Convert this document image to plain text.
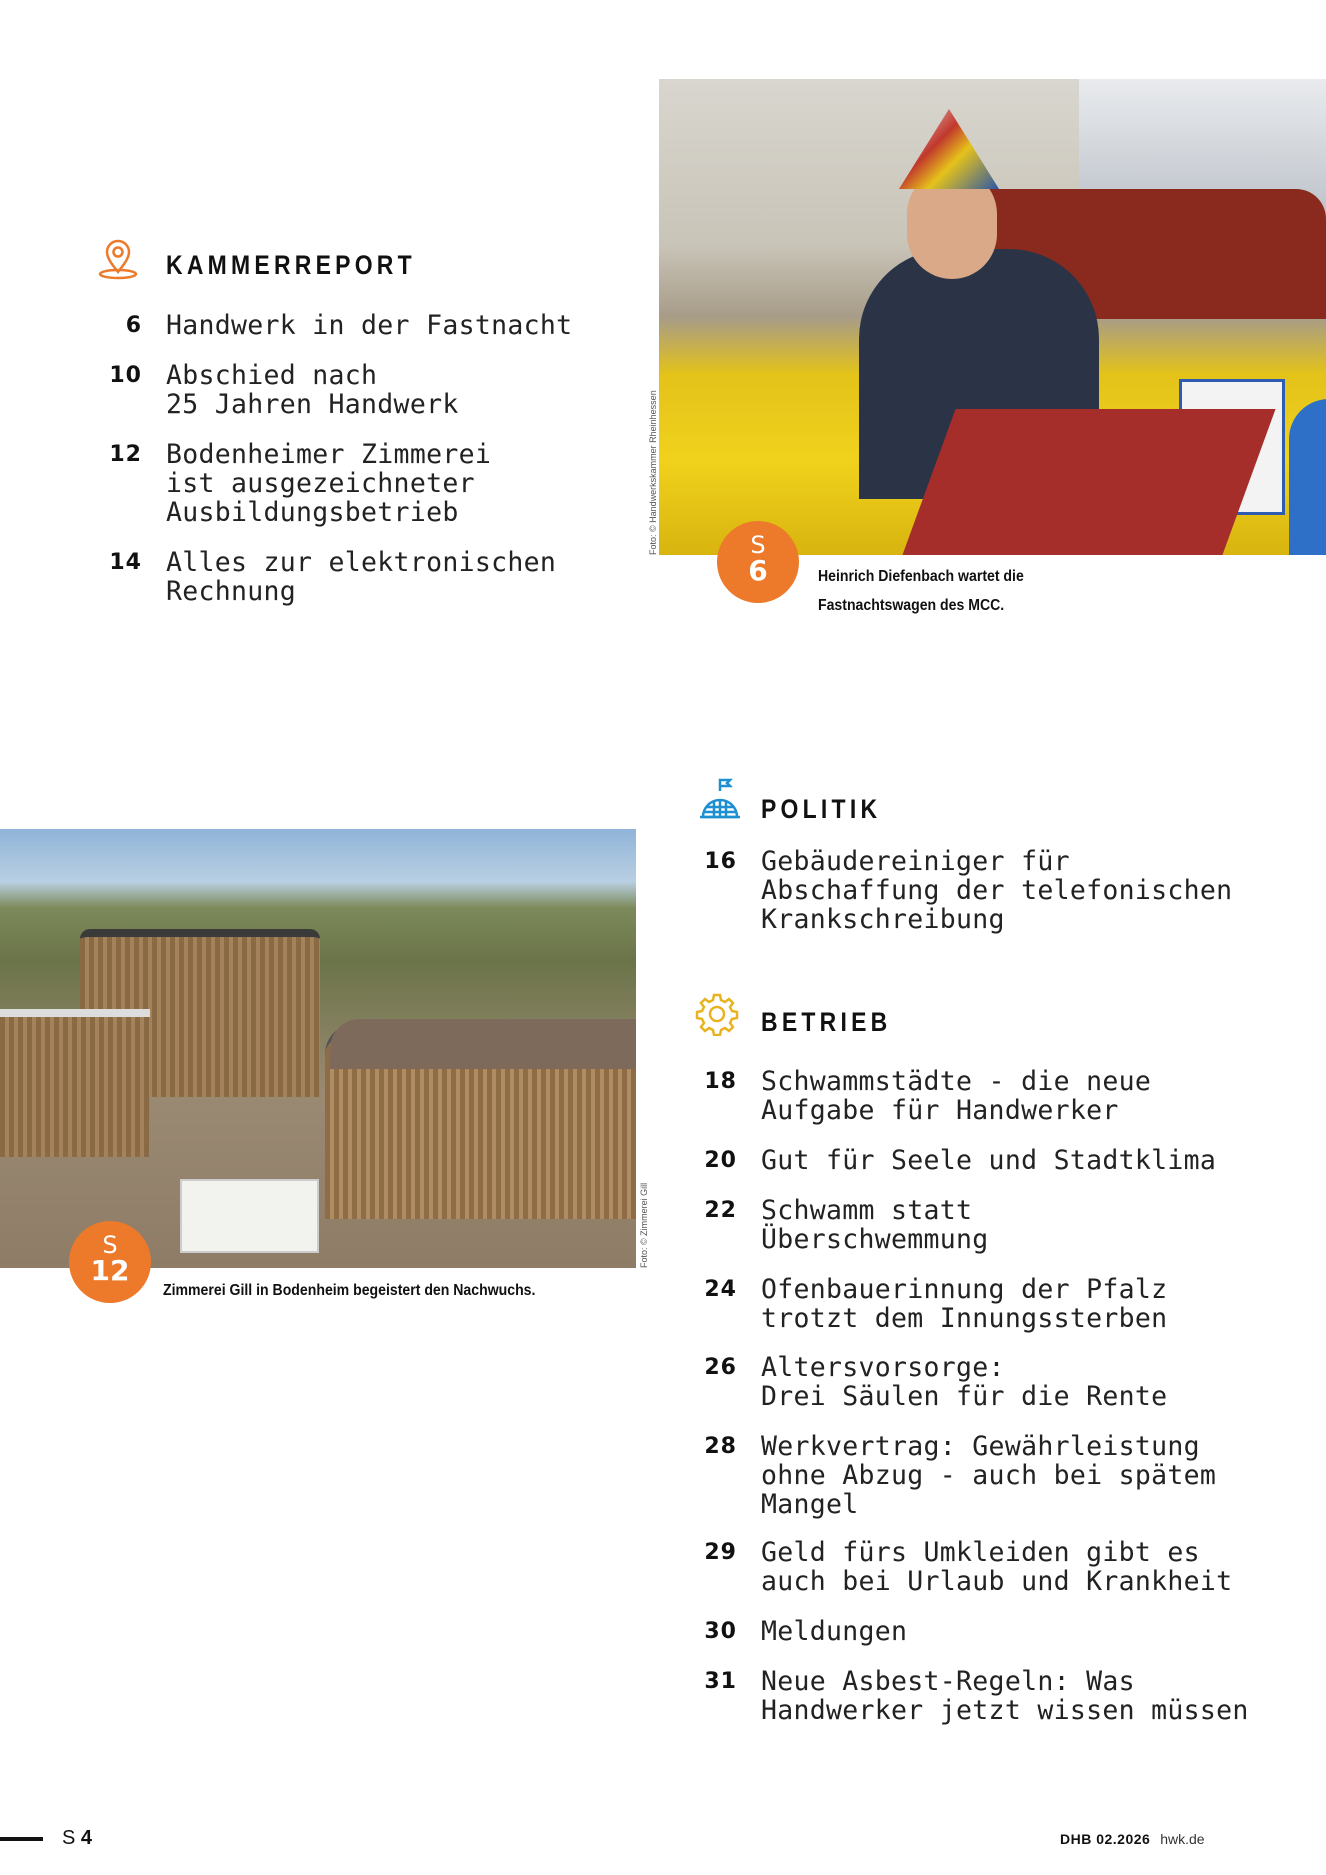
Foto: © Handwerkskammer Rheinhessen	S
6	Heinrich Diefenbach wartet die
Fastnachtswagen des MCC.
KAMMERREPORT
6 Handwerk in der Fastnacht
10 Abschied nach
25 Jahren Handwerk
12 Bodenheimer Zimmerei
ist ausgezeichneter
Ausbildungsbetrieb
14 Alles zur elektronischen
Rechnung
Foto: © Zimmerei Gill
S
12
Zimmerei Gill in Bodenheim begeistert den Nachwuchs.
POLITIK
16 Gebäudereiniger für
Abschaffung der telefonischen
Krankschreibung
BETRIEB
18 Schwammstädte - die neue
Aufgabe für Handwerker
20 Gut für Seele und Stadtklima
22 Schwamm statt
Überschwemmung
24 Ofenbauerinnung der Pfalz
trotzt dem Innungssterben
26 Altersvorsorge:
Drei Säulen für die Rente
28 Werkvertrag: Gewährleistung
ohne Abzug - auch bei spätem
Mangel
29 Geld fürs Umkleiden gibt es
auch bei Urlaub und Krankheit
30 Meldungen
31 Neue Asbest-Regeln: Was
Handwerker jetzt wissen müssen
S 4	DHB 02.2026 hwk.de
